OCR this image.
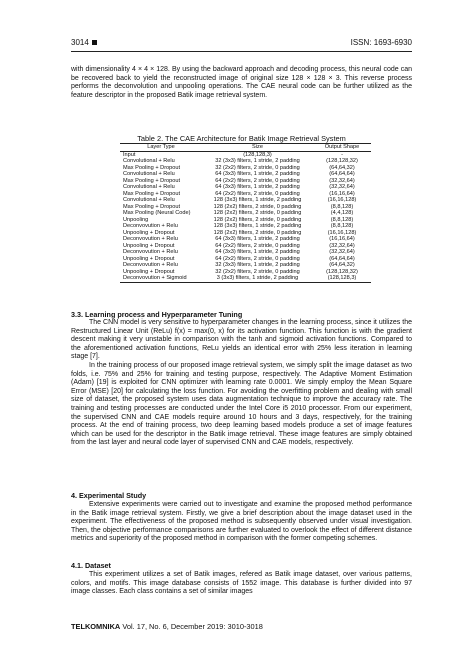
3014	ISSN: 1693-6930

with dimensionality 4 × 4 × 128. By using the backward approach and decoding process, this neural code can be recovered back to yield the reconstructed image of original size 128 × 128 × 3. This reverse process performs the deconvolution and unpooling operations. The CAE neural code can be further utilized as the feature descriptor in the proposed Batik image retrieval system.

Table 2. The CAE Architecture for Batik Image Retrieval System
Layer Type	Size	Output Shape
Input	(128,128,3)	-
Convolutional + Relu	32 (3x3) filters, 1 stride, 2 padding	(128,128,32)
Max Pooling + Dropout	32 (2x2) filters, 2 stride, 0 padding	(64,64,32)
Convolutional + Relu	64 (3x3) filters, 1 stride, 2 padding	(64,64,64)
Max Pooling + Dropout	64 (2x2) filters, 2 stride, 0 padding	(32,32,64)
Convolutional + Relu	64 (3x3) filters, 1 stride, 2 padding	(32,32,64)
Max Pooling + Dropout	64 (2x2) filters, 2 stride, 0 padding	(16,16,64)
Convolutional + Relu	128 (3x3) filters, 1 stride, 2 padding	(16,16,128)
Max Pooling + Dropout	128 (2x2) filters, 2 stride, 0 padding	(8,8,128)
Max Pooling (Neural Code)	128 (2x2) filters, 2 stride, 0 padding	(4,4,128)
Unpooling	128 (2x2) filters, 2 stride, 0 padding	(8,8,128)
Deconvovution + Relu	128 (3x3) filters, 1 stride, 2 padding	(8,8,128)
Unpooling + Dropout	128 (2x2) filters, 2 stride, 0 padding	(16,16,128)
Deconvovution + Relu	64 (3x3) filters, 1 stride, 2 padding	(16,16,64)
Unpooling + Dropout	64 (2x2) filters, 2 stride, 0 padding	(32,32,64)
Deconvovution + Relu	64 (3x3) filters, 1 stride, 2 padding	(32,32,64)
Unpooling + Dropout	64 (2x2) filters, 2 stride, 0 padding	(64,64,64)
Deconvovution + Relu	32 (3x3) filters, 1 stride, 2 padding	(64,64,32)
Unpooling + Dropout	32 (2x2) filters, 2 stride, 0 padding	(128,128,32)
Deconvovution + Sigmoid	3 (3x3) filters, 1 stride, 2 padding	(128,128,3)
3.3. Learning process and Hyperparameter Tuning

The CNN model is very sensitive to hyperparameter changes in the learning process, since it utilizes the Restructured Linear Unit (ReLu) f(x) = max(0, x) for its activation function. This function is with the gradient descent making it very unstable in comparison with the tanh and sigmoid activation functions. Compared to the aforementioned activation functions, ReLu yields an identical error with 25% less iteration in learning stage [7].

In the training process of our proposed image retrieval system, we simply split the image dataset as two folds, i.e. 75% and 25% for training and testing purpose, respectively. The Adaptive Moment Estimation (Adam) [19] is exploited for CNN optimizer with learning rate 0.0001. We simply employ the Mean Square Error (MSE) [20] for calculating the loss function. For avoiding the overfitting problem and dealing with small size of dataset, the proposed system uses data augmentation technique to improve the accuracy rate. The training and testing processes are conducted under the Intel Core i5 2010 processor. From our experiment, the supervised CNN and CAE models require around 10 hours and 3 days, respectively, for the training process. At the end of training process, two deep learning based models produce a set of image features which can be used for the descriptor in the Batik image retrieval. These image features are simply obtained from the last layer and neural code layer of supervised CNN and CAE models, respectively.

4. Experimental Study

Extensive experiments were carried out to investigate and examine the proposed method performance in the Batik image retrieval system. Firstly, we give a brief description about the image dataset used in the experiment. The effectiveness of the proposed method is subsequently observed under visual investigation. Then, the objective performance comparisons are further evaluated to overlook the effect of different distance metrics and superiority of the proposed method in comparison with the former competing schemes.

4.1. Dataset

This experiment utilizes a set of Batik images, refered as Batik image dataset, over various patterns, colors, and motifs. This image database consists of 1552 image. This database is further divided into 97 image classes. Each class contains a set of similar images

TELKOMNIKA Vol. 17, No. 6, December 2019: 3010-3018
